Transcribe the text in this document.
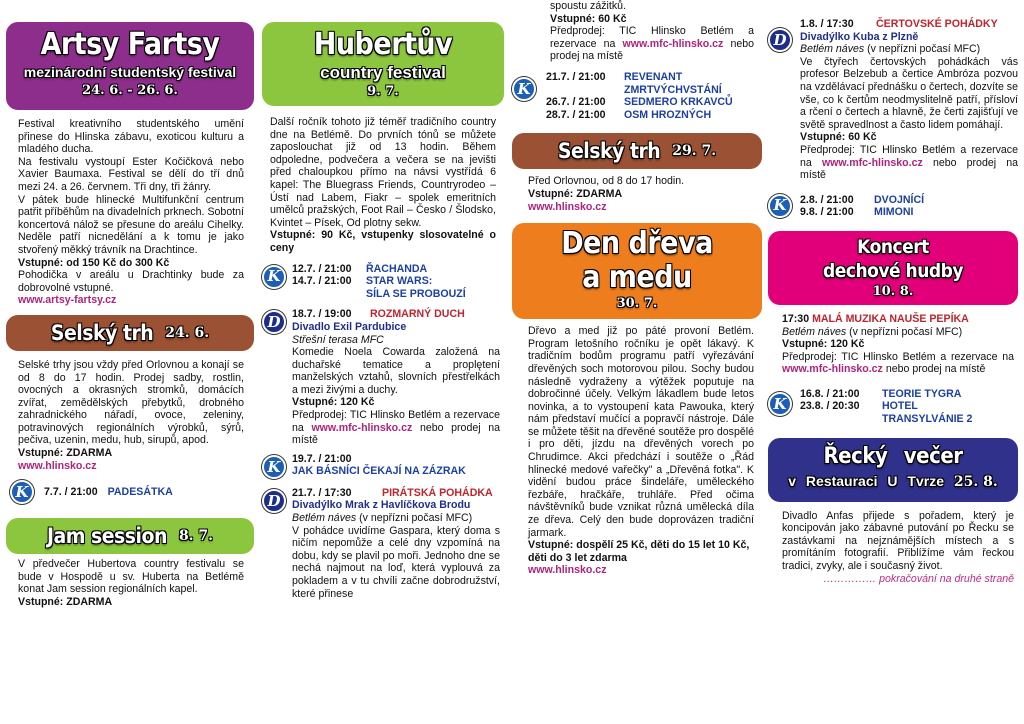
Artsy Fartsy
mezinárodní studentský festival
24. 6. - 26. 6.

Festival kreativního studentského umění přinese do Hlinska zábavu, exoticou kulturu a mladého ducha.

Na festivalu vystoupí Ester Kočičková nebo Xavier Baumaxa. Festival se dělí do tří dnů mezi 24. a 26. červnem. Tři dny, tři žánry.

V pátek bude hlinecké Multifunkční centrum patřit příběhům na divadelních prknech. Sobotní koncertová nálož se přesune do areálu Cihelky. Neděle patří nicnedělání a k tomu je jako stvořený měkký trávník na Drachtince.

Vstupné: od 150 Kč do 300 Kč

Pohodička v areálu u Drachtinky bude za dobrovolné vstupné.

www.artsy-fartsy.cz

Selský trh 24. 6.

Selské trhy jsou vždy před Orlovnou a konají se od 8 do 17 hodin. Prodej sadby, rostlin, ovocných a okrasných stromků, domácích zvířat, zemědělských přebytků, drobného zahradnického nářadí, ovoce, zeleniny, potravinových regionálních výrobků, sýrů, pečiva, uzenin, medu, hub, sirupů, apod.

Vstupné: ZDARMA

www.hlinsko.cz

K	7.7. / 21:00 PADESÁTKA
Jam session 8. 7.

V předvečer Hubertova country festivalu se bude v Hospodě u sv. Huberta na Betlémě konat Jam session regionálních kapel.

Vstupné: ZDARMA

Hubertův
country festival
9. 7.

Další ročník tohoto již téměř tradičního country dne na Betlémě. Do prvních tónů se můžete zaposlouchat již od 13 hodin. Během odpoledne, podvečera a večera se na jevišti před chaloupkou přímo na návsi vystřídá 6 kapel: The Bluegrass Friends, Countryrodeo – Ústí nad Labem, Fiakr – spolek emeritních umělců pražských, Foot Rail – Česko / Šlodsko, Kvintet – Písek, Od plotny sekw.

Vstupné: 90 Kč, vstupenky slosovatelné o ceny

K	12.7. / 21:00	ŘACHANDA
14.7. / 21:00	STAR WARS:
SÍLA SE PROBOUZÍ
D	18.7. / 19:00	ROZMARNÝ DUCH

Divadlo Exil Pardubice

Střešní terasa MFC

Komedie Noela Cowarda založená na duchařské tematice a proplętení manželských vztahů, slovních přestřelkách a mezi živými a duchy.

Vstupné: 120 Kč

Předprodej: TIC Hlinsko Betlém a rezervace na www.mfc-hlinsko.cz nebo prodej na místě

K	19.7. / 21:00
JAK BÁSNÍCI ČEKAJÍ NA ZÁZRAK
D	21.7. / 17:30	PIRÁTSKÁ POHÁDKA

Divadýlko Mrak z Havlíčkova Brodu

Betlém náves (v nepřízni počasí MFC)

V pohádce uvidíme Gaspara, který doma s ničím nepomůže a celé dny vzpomíná na dobu, kdy se plavil po moři. Jednoho dne se nechá najmout na loď, která vyplouvá za pokladem a v tu chvíli začne dobrodružství, které přinese

spoustu zážitků.

Vstupné: 60 Kč

Předprodej: TIC Hlinsko Betlém a rezervace na www.mfc-hlinsko.cz nebo prodej na místě

K
21.7. / 21:00	REVENANT
ZMRTVÝCHVSTÁNÍ
26.7. / 21:00	SEDMERO KRKAVCŮ
28.7. / 21:00	OSM HROZNÝCH
Selský trh 29. 7.

Před Orlovnou, od 8 do 17 hodin.

Vstupné: ZDARMA

www.hlinsko.cz

Den dřeva
a medu
30. 7.

Dřevo a med již po páté provoní Betlém. Program letošního ročníku je opět lákavý. K tradičním bodům programu patří vyřezávání dřevěných soch motorovou pilou. Sochy budou následně vydraženy a výtěžek poputuje na dobročinné účely. Velkým lákadlem bude letos novinka, a to vystoupení kata Pawouka, který nám představí mučící a popravčí nástroje. Dále se můžete těšit na dřevěné soutěže pro dospělé i pro děti, jízdu na dřevěných vorech po Chrudimce. Akci předchází i soutěže o „Řád hlinecké medové vařečky" a „Dřevěná fotka". K vidění budou práce šindeláře, uměleckého řezbáře, hračkáře, truhláře. Před očima návštěvníků bude vznikat různá umělecká díla ze dřeva. Celý den bude doprovázen tradiční jarmark.

Vstupné: dospělí 25 Kč, děti do 15 let 10 Kč, děti do 3 let zdarma

www.hlinsko.cz

D
1.8. / 17:30	ČERTOVSKÉ POHÁDKY

Divadýlko Kuba z Plzně

Betlém náves (v nepřízni počasí MFC)

Ve čtyřech čertovských pohádkách vás profesor Belzebub a čertice Ambróza pozvou na vzdělávací přednášku o čertech, dozvíte se vše, co k čertům neodmyslitelně patří, přísloví a rčení o čertech a hlavně, že čerti zajišťují ve světě spravedlnost a často lidem pomáhají.

Vstupné: 60 Kč

Předprodej: TIC Hlinsko Betlém a rezervace na www.mfc-hlinsko.cz nebo prodej na místě

K	2.8. / 21:00	DVOJNÍCÍ
9.8. / 21:00	MIMONI
Koncert
dechové hudby
10. 8.

17:30 MALÁ MUZIKA NAUŠE PEPÍKA

Betlém náves (v nepřízni počasí MFC)

Vstupné: 120 Kč

Předprodej: TIC Hlinsko Betlém a rezervace na www.mfc-hlinsko.cz nebo prodej na místě

K
16.8. / 21:00	TEORIE TYGRA
23.8. / 20:30	HOTEL
TRANSYLVÁNIE 2
Řecký večer
v Restauraci U Tvrze 25. 8.

Divadlo Anfas přijede s pořadem, který je koncipován jako zábavné putování po Řecku se zastávkami na nejznámějších místech a s promítáním fotografií. Přiblížíme vám řeckou tradici, zvyky, ale i současný život.

…………… pokračování na druhé straně
